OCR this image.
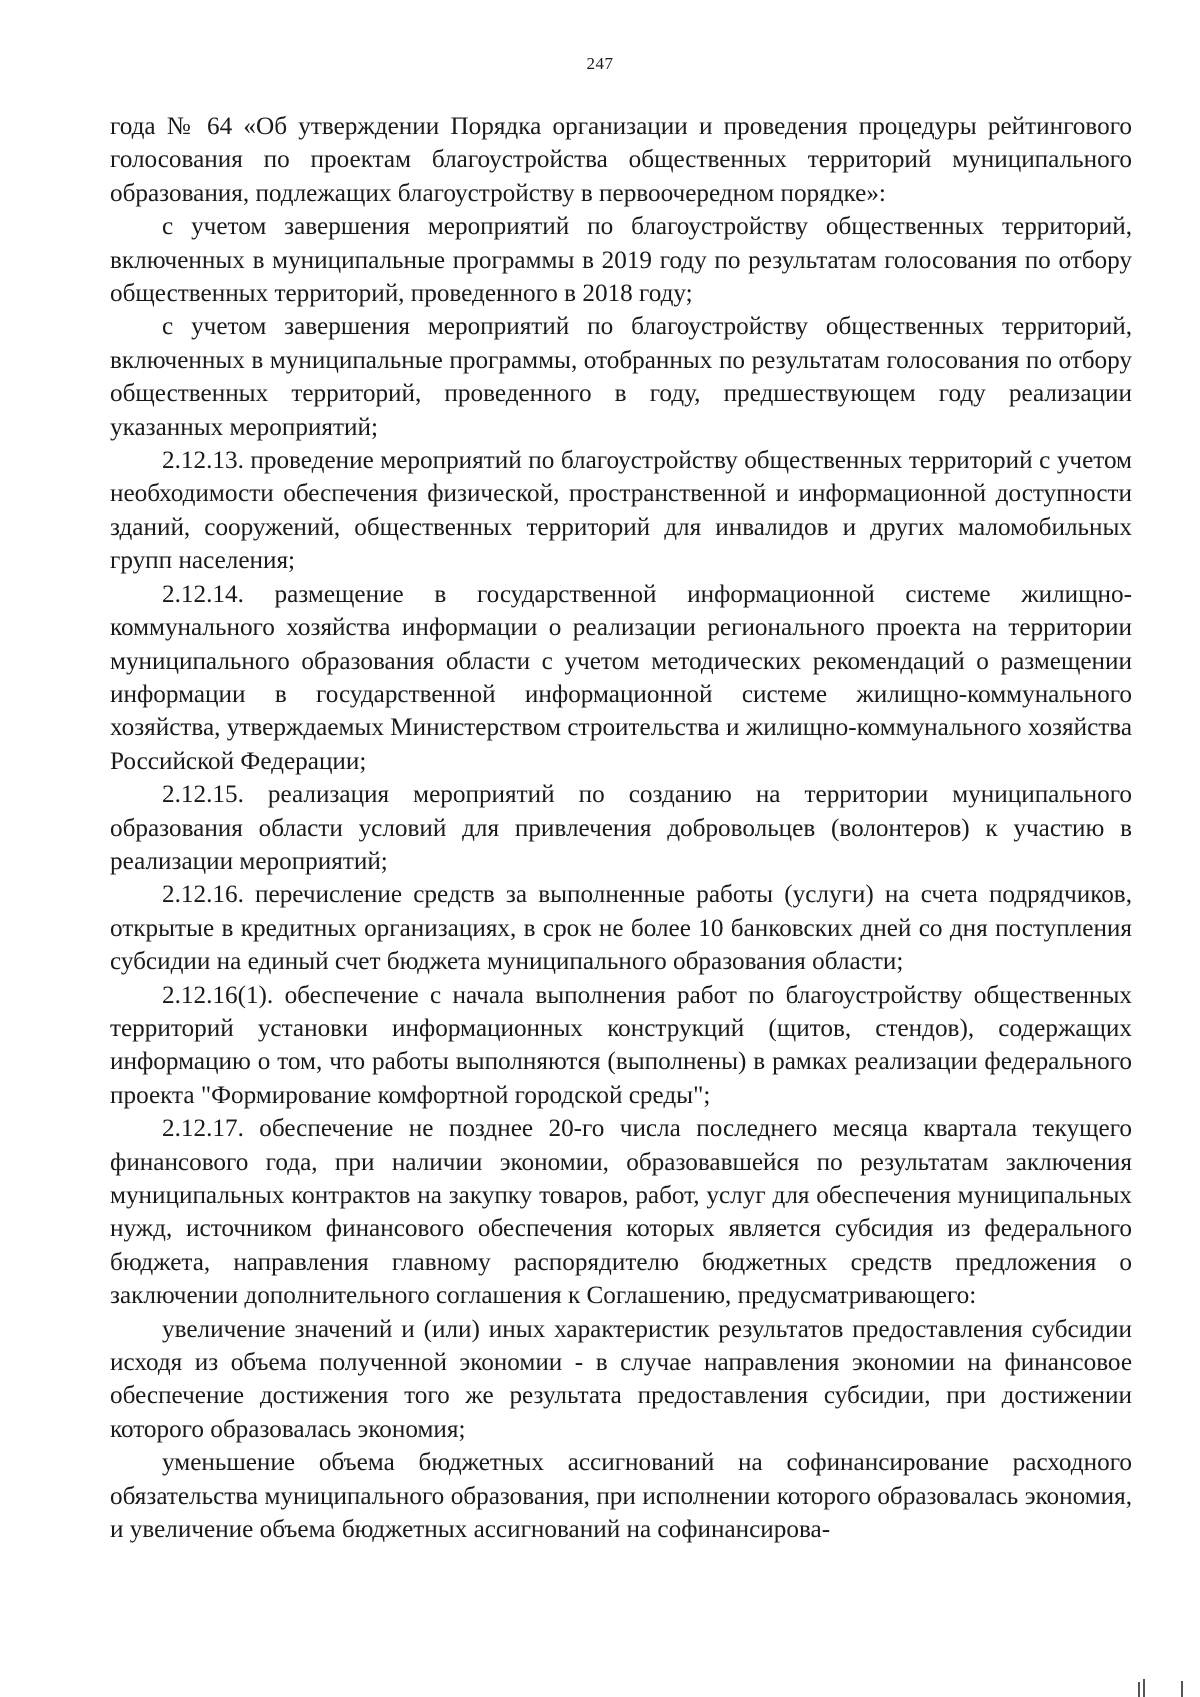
247

года № 64 «Об утверждении Порядка организации и проведения процедуры рейтингового голосования по проектам благоустройства общественных территорий муниципального образования, подлежащих благоустройству в первоочередном порядке»:

с учетом завершения мероприятий по благоустройству общественных территорий, включенных в муниципальные программы в 2019 году по результатам голосования по отбору общественных территорий, проведенного в 2018 году;

с учетом завершения мероприятий по благоустройству общественных территорий, включенных в муниципальные программы, отобранных по результатам голосования по отбору общественных территорий, проведенного в году, предшествующем году реализации указанных мероприятий;

2.12.13. проведение мероприятий по благоустройству общественных территорий с учетом необходимости обеспечения физической, пространственной и информационной доступности зданий, сооружений, общественных территорий для инвалидов и других маломобильных групп населения;

2.12.14. размещение в государственной информационной системе жилищно-коммунального хозяйства информации о реализации регионального проекта на территории муниципального образования области с учетом методических рекомендаций о размещении информации в государственной информационной системе жилищно-коммунального хозяйства, утверждаемых Министерством строительства и жилищно-коммунального хозяйства Российской Федерации;

2.12.15. реализация мероприятий по созданию на территории муниципального образования области условий для привлечения добровольцев (волонтеров) к участию в реализации мероприятий;

2.12.16. перечисление средств за выполненные работы (услуги) на счета подрядчиков, открытые в кредитных организациях, в срок не более 10 банковских дней со дня поступления субсидии на единый счет бюджета муниципального образования области;

2.12.16(1). обеспечение с начала выполнения работ по благоустройству общественных территорий установки информационных конструкций (щитов, стендов), содержащих информацию о том, что работы выполняются (выполнены) в рамках реализации федерального проекта "Формирование комфортной городской среды";

2.12.17. обеспечение не позднее 20-го числа последнего месяца квартала текущего финансового года, при наличии экономии, образовавшейся по результатам заключения муниципальных контрактов на закупку товаров, работ, услуг для обеспечения муниципальных нужд, источником финансового обеспечения которых является субсидия из федерального бюджета, направления главному распорядителю бюджетных средств предложения о заключении дополнительного соглашения к Соглашению, предусматривающего:

увеличение значений и (или) иных характеристик результатов предоставления субсидии исходя из объема полученной экономии - в случае направления экономии на финансовое обеспечение достижения того же результата предоставления субсидии, при достижении которого образовалась экономия;

уменьшение объема бюджетных ассигнований на софинансирование расходного обязательства муниципального образования, при исполнении которого образовалась экономия, и увеличение объема бюджетных ассигнований на софинансирова-
